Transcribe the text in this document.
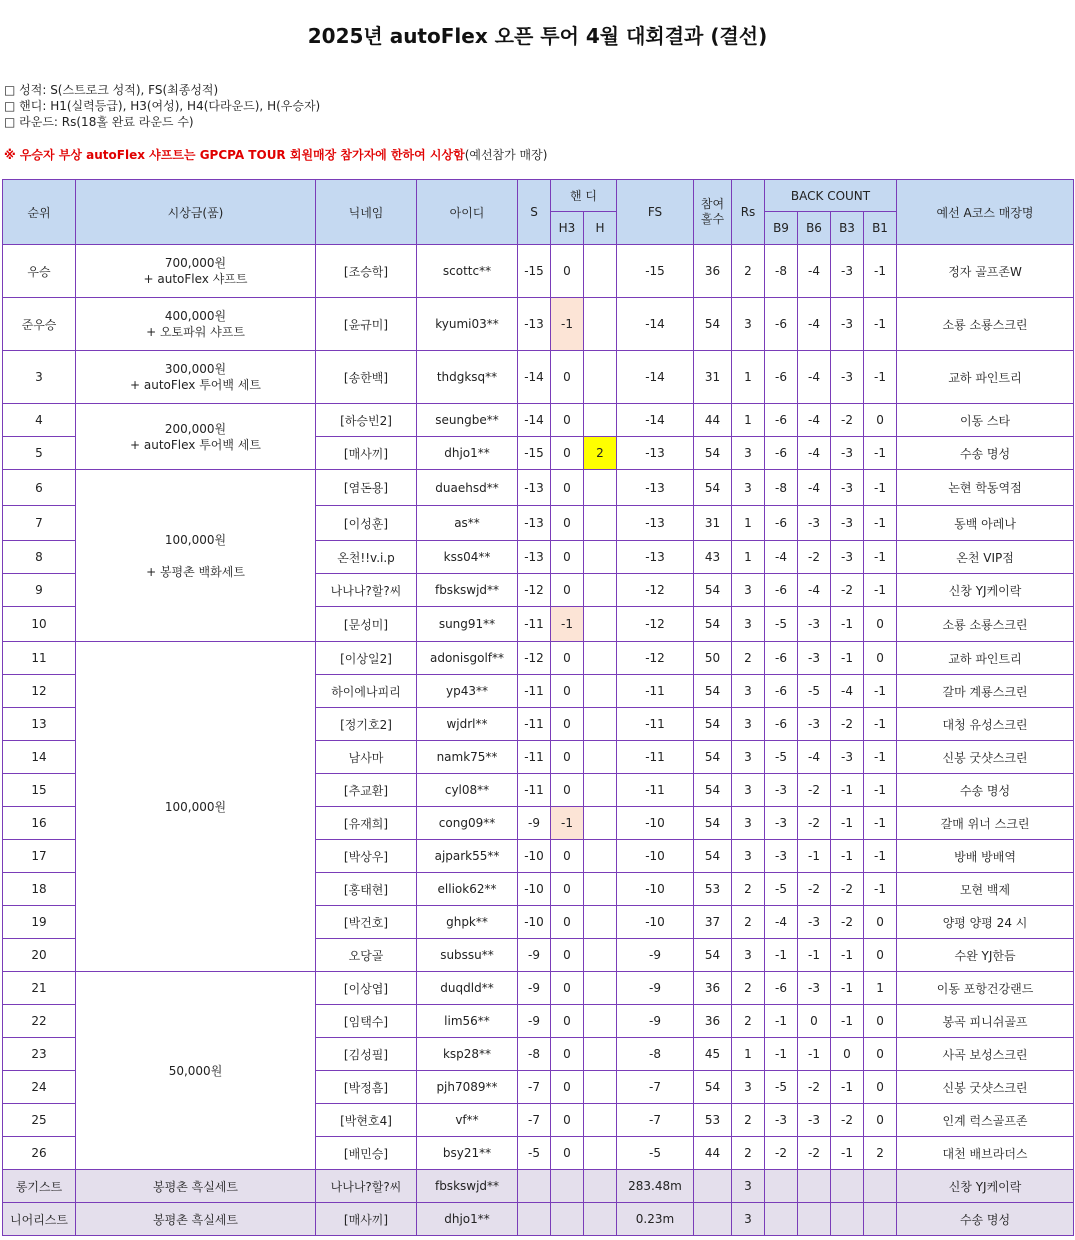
2025년 autoFlex 오픈 투어 4월 대회결과 (결선)
□ 성적: S(스트로크 성적), FS(최종성적)
□ 핸디: H1(실력등급), H3(여성), H4(다라운드), H(우승자)
□ 라운드: Rs(18홀 완료 라운드 수)
※ 우승자 부상 autoFlex 샤프트는 GPCPA TOUR 회원매장 참가자에 한하여 시상함(예선참가 매장)
순위	시상금(품)	닉네임	아이디	S	핸 디		FS	참여
홀수	Rs	BACK COUNT				예선 A코스 매장명
					H3	H				B9	B6	B3	B1	
우승	700,000원
+ autoFlex 샤프트	[조승학]	scottc**	-15	0		-15	36	2	-8	-4	-3	-1	정자 골프존W
준우승	400,000원
+ 오토파워 샤프트	[윤규미]	kyumi03**	-13	-1		-14	54	3	-6	-4	-3	-1	소룡 소룡스크린
3	300,000원
+ autoFlex 투어백 세트	[송한백]	thdgksq**	-14	0		-14	31	1	-6	-4	-3	-1	교하 파인트리
4	200,000원
+ autoFlex 투어백 세트	[하승빈2]	seungbe**	-14	0		-14	44	1	-6	-4	-2	0	이동 스타
5		[매사끼]	dhjo1**	-15	0	2	-13	54	3	-6	-4	-3	-1	수송 명성
6	100,000원
+ 봉평촌 백화세트	[염돈용]	duaehsd**	-13	0		-13	54	3	-8	-4	-3	-1	논현 학동역점
7		[이성훈]	as**	-13	0		-13	31	1	-6	-3	-3	-1	동백 아레나
8		온천!!v.i.p	kss04**	-13	0		-13	43	1	-4	-2	-3	-1	온천 VIP점
9		나나나?할?씨	fbskswjd**	-12	0		-12	54	3	-6	-4	-2	-1	신창 YJ케이락
10		[문성미]	sung91**	-11	-1		-12	54	3	-5	-3	-1	0	소룡 소룡스크린
11	100,000원	[이상일2]	adonisgolf**	-12	0		-12	50	2	-6	-3	-1	0	교하 파인트리
12		하이에나피리	yp43**	-11	0		-11	54	3	-6	-5	-4	-1	갈마 계룡스크린
13		[정기호2]	wjdrl**	-11	0		-11	54	3	-6	-3	-2	-1	대청 유성스크린
14		남사마	namk75**	-11	0		-11	54	3	-5	-4	-3	-1	신봉 굿샷스크린
15		[추교환]	cyl08**	-11	0		-11	54	3	-3	-2	-1	-1	수송 명성
16		[유재희]	cong09**	-9	-1		-10	54	3	-3	-2	-1	-1	갈매 위너 스크린
17		[박상우]	ajpark55**	-10	0		-10	54	3	-3	-1	-1	-1	방배 방배역
18		[홍태현]	elliok62**	-10	0		-10	53	2	-5	-2	-2	-1	모현 백제
19		[박건호]	ghpk**	-10	0		-10	37	2	-4	-3	-2	0	양평 양평 24 시
20		오당골	subssu**	-9	0		-9	54	3	-1	-1	-1	0	수완 YJ한듬
21	50,000원	[이상엽]	duqdld**	-9	0		-9	36	2	-6	-3	-1	1	이동 포항건강랜드
22		[임택수]	lim56**	-9	0		-9	36	2	-1	0	-1	0	봉곡 피니쉬골프
23		[김성필]	ksp28**	-8	0		-8	45	1	-1	-1	0	0	사곡 보성스크린
24		[박정흠]	pjh7089**	-7	0		-7	54	3	-5	-2	-1	0	신봉 굿샷스크린
25		[박현호4]	vf**	-7	0		-7	53	2	-3	-3	-2	0	인계 럭스골프존
26		[배민승]	bsy21**	-5	0		-5	44	2	-2	-2	-1	2	대천 배브라더스
롱기스트	봉평촌 흑실세트	나나나?할?씨	fbskswjd**				283.48m		3					신창 YJ케이락
니어리스트	봉평촌 흑실세트	[매사끼]	dhjo1**				0.23m		3					수송 명성
